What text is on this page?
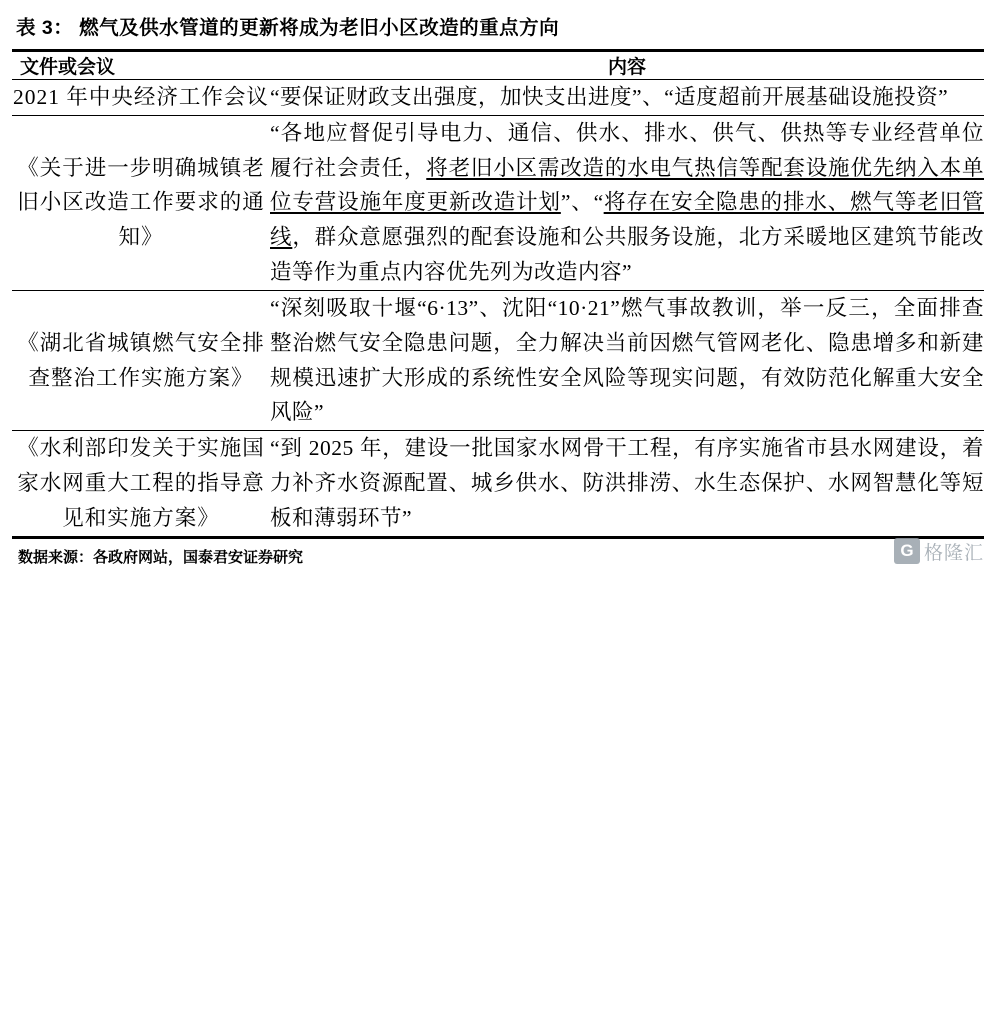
表 3： 燃气及供水管道的更新将成为老旧小区改造的重点方向
文件或会议	内容
2021 年中央经济工作会议	“要保证财政支出强度，加快支出进度”、“适度超前开展基础设施投资”
《关于进一步明确城镇老旧小区改造工作要求的通知》	“各地应督促引导电力、通信、供水、排水、供气、供热等专业经营单位履行社会责任，将老旧小区需改造的水电气热信等配套设施优先纳入本单位专营设施年度更新改造计划”、“将存在安全隐患的排水、燃气等老旧管线，群众意愿强烈的配套设施和公共服务设施，北方采暖地区建筑节能改造等作为重点内容优先列为改造内容”
《湖北省城镇燃气安全排查整治工作实施方案》	“深刻吸取十堰“6·13”、沈阳“10·21”燃气事故教训，举一反三，全面排查整治燃气安全隐患问题，全力解决当前因燃气管网老化、隐患增多和新建规模迅速扩大形成的系统性安全风险等现实问题，有效防范化解重大安全风险”
《水利部印发关于实施国家水网重大工程的指导意见和实施方案》	“到 2025 年，建设一批国家水网骨干工程，有序实施省市县水网建设，着力补齐水资源配置、城乡供水、防洪排涝、水生态保护、水网智慧化等短板和薄弱环节”
数据来源：各政府网站，国泰君安证券研究	G 格隆汇
